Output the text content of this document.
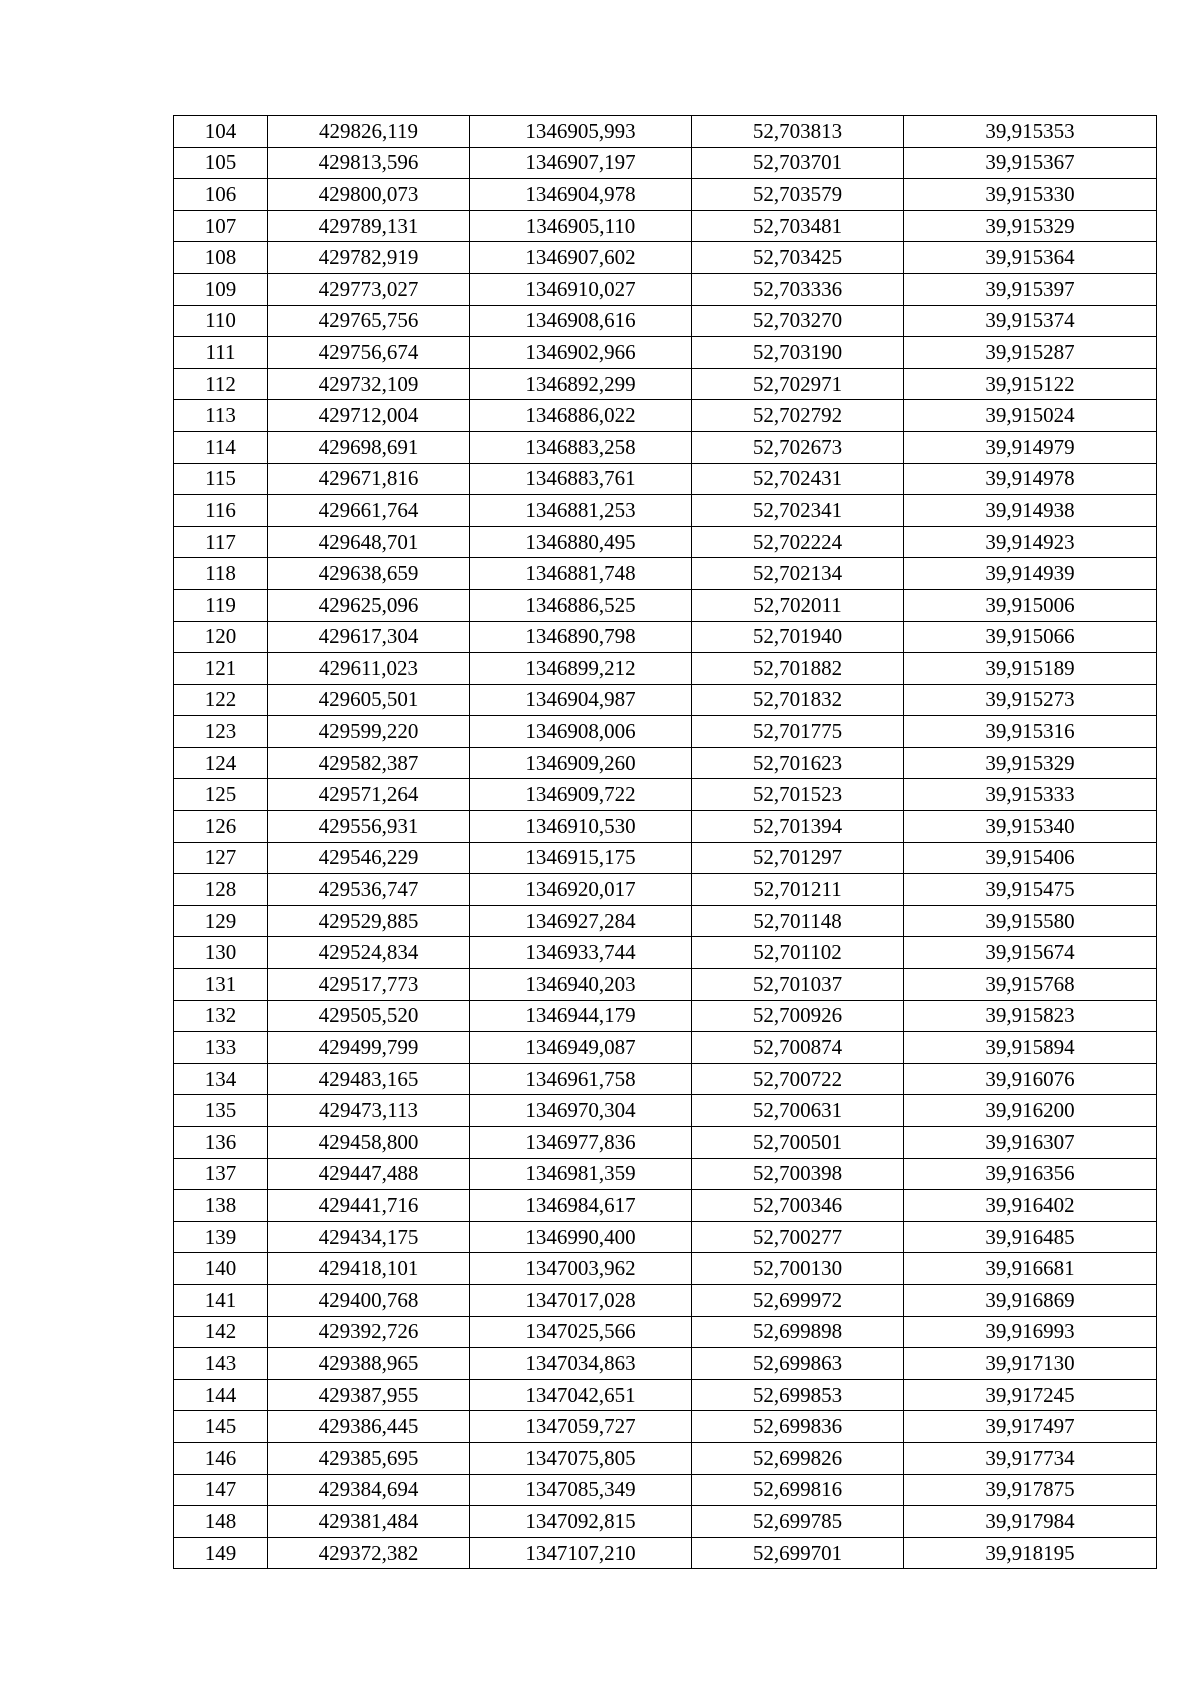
104	429826,119	1346905,993	52,703813	39,915353
105	429813,596	1346907,197	52,703701	39,915367
106	429800,073	1346904,978	52,703579	39,915330
107	429789,131	1346905,110	52,703481	39,915329
108	429782,919	1346907,602	52,703425	39,915364
109	429773,027	1346910,027	52,703336	39,915397
110	429765,756	1346908,616	52,703270	39,915374
111	429756,674	1346902,966	52,703190	39,915287
112	429732,109	1346892,299	52,702971	39,915122
113	429712,004	1346886,022	52,702792	39,915024
114	429698,691	1346883,258	52,702673	39,914979
115	429671,816	1346883,761	52,702431	39,914978
116	429661,764	1346881,253	52,702341	39,914938
117	429648,701	1346880,495	52,702224	39,914923
118	429638,659	1346881,748	52,702134	39,914939
119	429625,096	1346886,525	52,702011	39,915006
120	429617,304	1346890,798	52,701940	39,915066
121	429611,023	1346899,212	52,701882	39,915189
122	429605,501	1346904,987	52,701832	39,915273
123	429599,220	1346908,006	52,701775	39,915316
124	429582,387	1346909,260	52,701623	39,915329
125	429571,264	1346909,722	52,701523	39,915333
126	429556,931	1346910,530	52,701394	39,915340
127	429546,229	1346915,175	52,701297	39,915406
128	429536,747	1346920,017	52,701211	39,915475
129	429529,885	1346927,284	52,701148	39,915580
130	429524,834	1346933,744	52,701102	39,915674
131	429517,773	1346940,203	52,701037	39,915768
132	429505,520	1346944,179	52,700926	39,915823
133	429499,799	1346949,087	52,700874	39,915894
134	429483,165	1346961,758	52,700722	39,916076
135	429473,113	1346970,304	52,700631	39,916200
136	429458,800	1346977,836	52,700501	39,916307
137	429447,488	1346981,359	52,700398	39,916356
138	429441,716	1346984,617	52,700346	39,916402
139	429434,175	1346990,400	52,700277	39,916485
140	429418,101	1347003,962	52,700130	39,916681
141	429400,768	1347017,028	52,699972	39,916869
142	429392,726	1347025,566	52,699898	39,916993
143	429388,965	1347034,863	52,699863	39,917130
144	429387,955	1347042,651	52,699853	39,917245
145	429386,445	1347059,727	52,699836	39,917497
146	429385,695	1347075,805	52,699826	39,917734
147	429384,694	1347085,349	52,699816	39,917875
148	429381,484	1347092,815	52,699785	39,917984
149	429372,382	1347107,210	52,699701	39,918195
